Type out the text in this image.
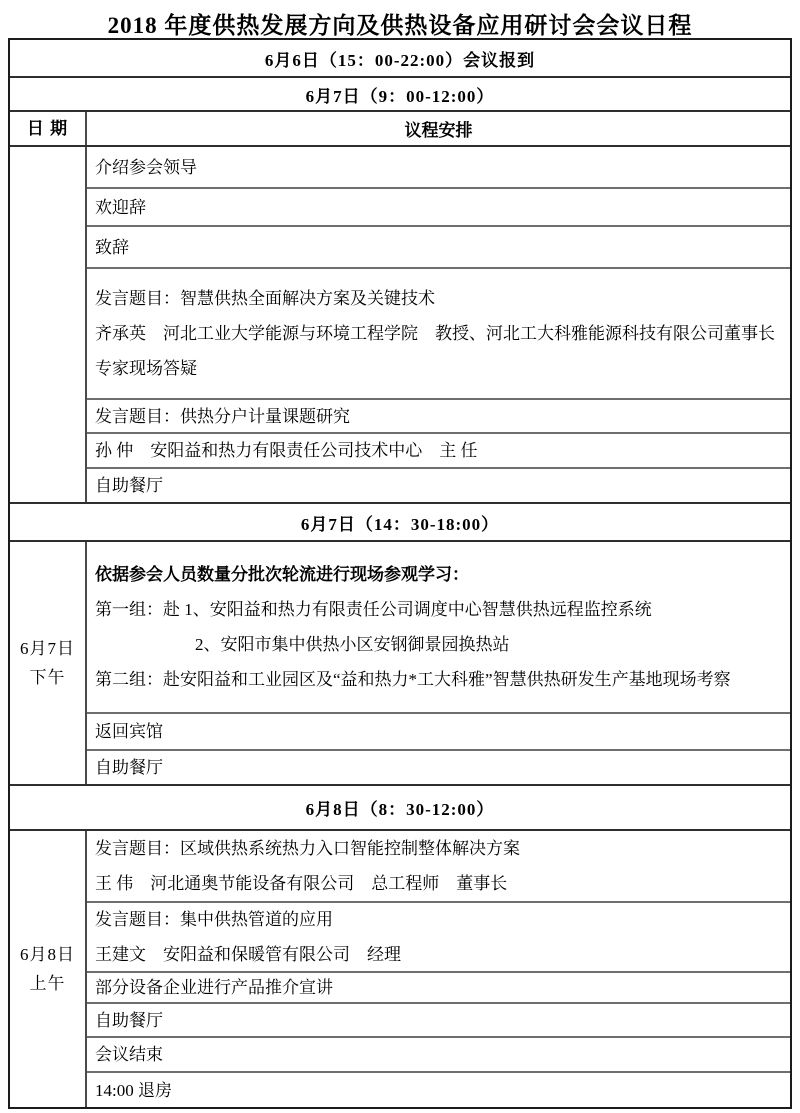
2018 年度供热发展方向及供热设备应用研讨会会议日程
6月6日（15：00-22:00）会议报到
6月7日（9：00-12:00）
日 期	议程安排

介绍参会领导

欢迎辞

致辞

发言题目：智慧供热全面解决方案及关键技术

齐承英　河北工业大学能源与环境工程学院　教授、河北工大科雅能源科技有限公司董事长

专家现场答疑

发言题目：供热分户计量课题研究

孙 仲　安阳益和热力有限责任公司技术中心　主 任

自助餐厅

6月7日（14：30-18:00）
6月7日
下午

依据参会人员数量分批次轮流进行现场参观学习：

第一组：赴 1、安阳益和热力有限责任公司调度中心智慧供热远程监控系统

2、安阳市集中供热小区安钢御景园换热站

第二组：赴安阳益和工业园区及“益和热力*工大科雅”智慧供热研发生产基地现场考察

返回宾馆

自助餐厅

6月8日（8：30-12:00）
6月8日
上午

发言题目：区域供热系统热力入口智能控制整体解决方案

王 伟　河北通奥节能设备有限公司　总工程师　董事长

发言题目：集中供热管道的应用

王建文　安阳益和保暖管有限公司　经理

部分设备企业进行产品推介宣讲

自助餐厅

会议结束

14:00 退房
